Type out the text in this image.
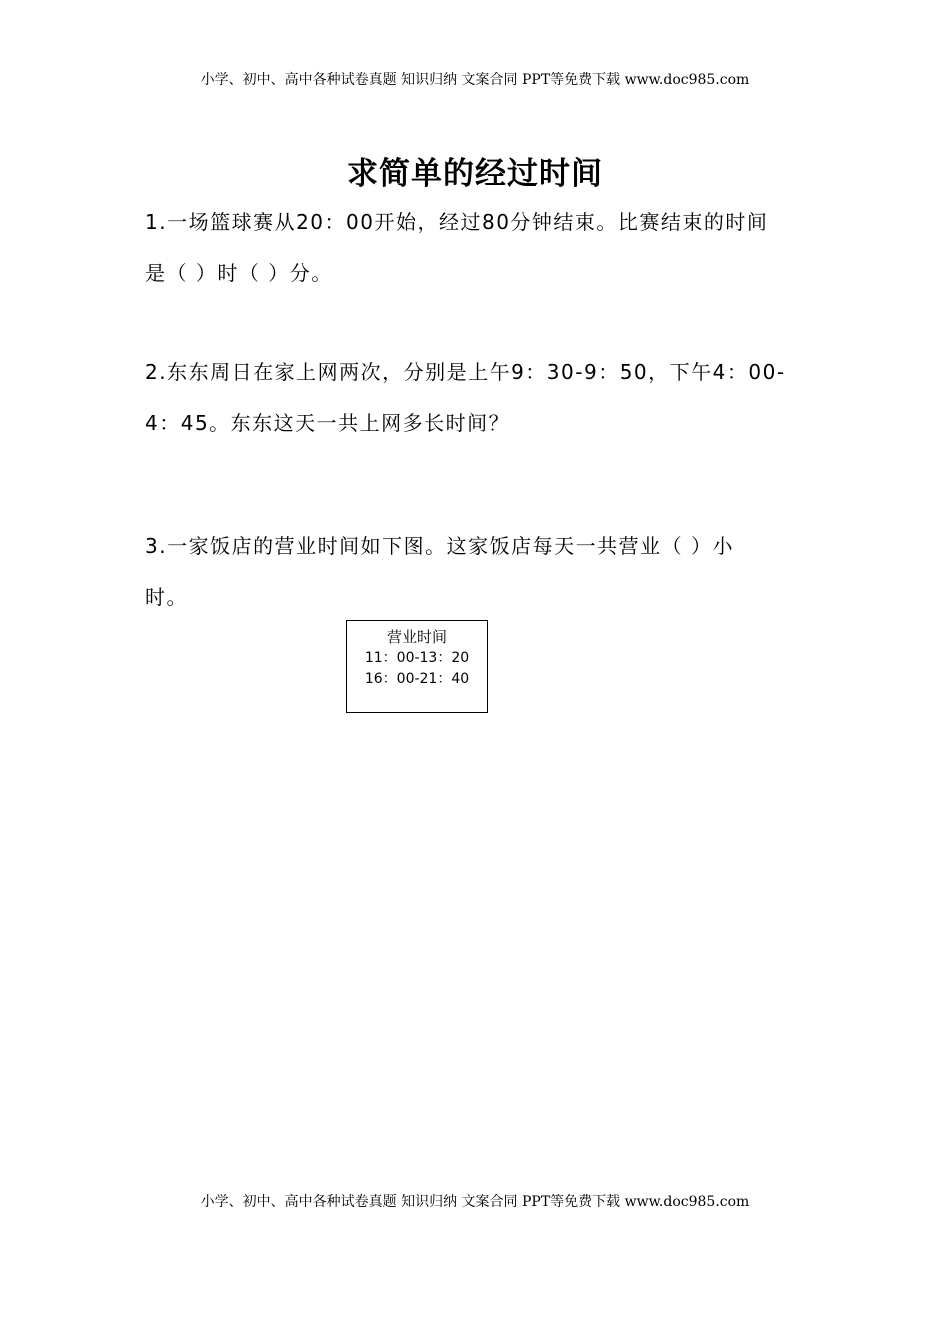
小学、初中、高中各种试卷真题 知识归纳 文案合同 PPT等免费下载 www.doc985.com
求简单的经过时间
1.一场篮球赛从20：00开始，经过80分钟结束。比赛结束的时间
是（ ）时（ ）分。
2.东东周日在家上网两次，分别是上午9：30-9：50，下午4：00-
4：45。东东这天一共上网多长时间？
3.一家饭店的营业时间如下图。这家饭店每天一共营业（ ）小
时。
营业时间
11：00-13：20
16：00-21：40
小学、初中、高中各种试卷真题 知识归纳 文案合同 PPT等免费下载 www.doc985.com
